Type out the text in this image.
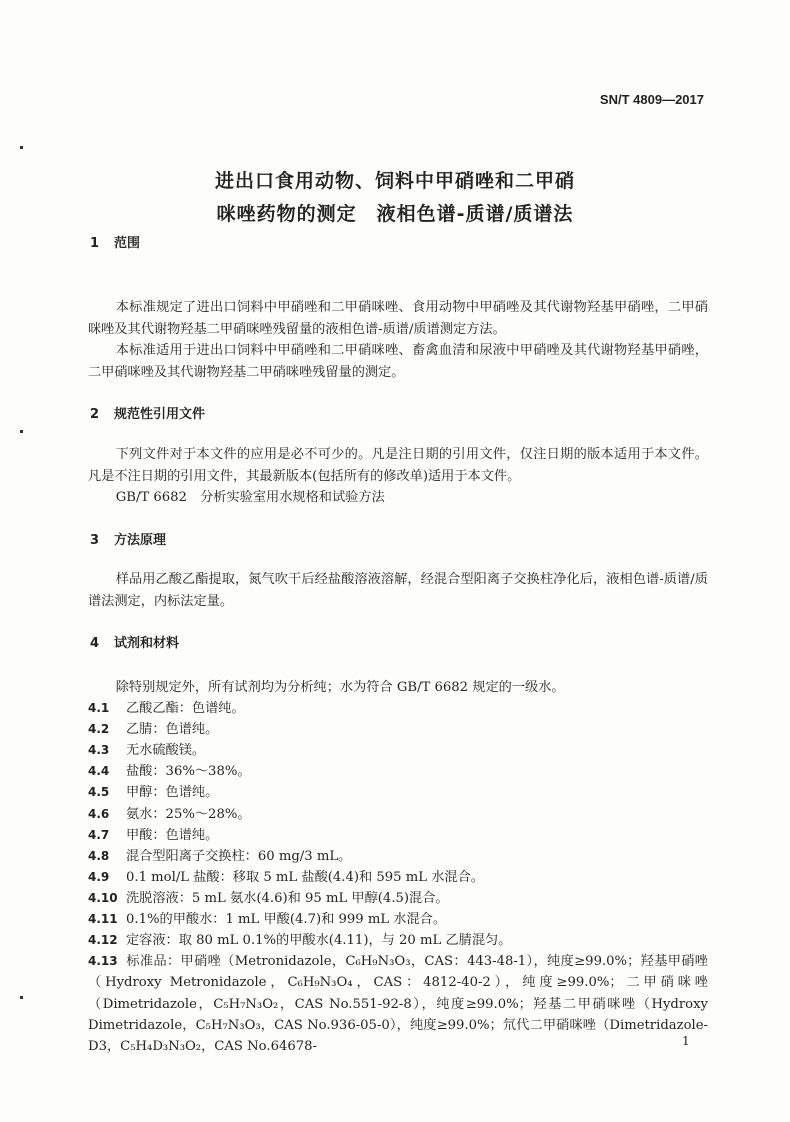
SN/T 4809—2017
进出口食用动物、饲料中甲硝唑和二甲硝
咪唑药物的测定　液相色谱-质谱/质谱法
1 范围
本标准规定了进出口饲料中甲硝唑和二甲硝咪唑、食用动物中甲硝唑及其代谢物羟基甲硝唑，二甲硝咪唑及其代谢物羟基二甲硝咪唑残留量的液相色谱-质谱/质谱测定方法。
本标准适用于进出口饲料中甲硝唑和二甲硝咪唑、畜禽血清和尿液中甲硝唑及其代谢物羟基甲硝唑，二甲硝咪唑及其代谢物羟基二甲硝咪唑残留量的测定。
2 规范性引用文件
下列文件对于本文件的应用是必不可少的。凡是注日期的引用文件，仅注日期的版本适用于本文件。凡是不注日期的引用文件，其最新版本(包括所有的修改单)适用于本文件。
GB/T 6682　分析实验室用水规格和试验方法
3 方法原理
样品用乙酸乙酯提取，氮气吹干后经盐酸溶液溶解，经混合型阳离子交换柱净化后，液相色谱-质谱/质谱法测定，内标法定量。
4 试剂和材料
除特别规定外，所有试剂均为分析纯；水为符合 GB/T 6682 规定的一级水。
4.1 乙酸乙酯：色谱纯。
4.2 乙腈：色谱纯。
4.3 无水硫酸镁。
4.4 盐酸：36%～38%。
4.5 甲醇：色谱纯。
4.6 氨水：25%～28%。
4.7 甲酸：色谱纯。
4.8 混合型阳离子交换柱：60 mg/3 mL。
4.9 0.1 mol/L 盐酸：移取 5 mL 盐酸(4.4)和 595 mL 水混合。
4.10 洗脱溶液：5 mL 氨水(4.6)和 95 mL 甲醇(4.5)混合。
4.11 0.1%的甲酸水：1 mL 甲酸(4.7)和 999 mL 水混合。
4.12 定容液：取 80 mL 0.1%的甲酸水(4.11)，与 20 mL 乙腈混匀。
4.13 标准品：甲硝唑（Metronidazole，C₆H₉N₃O₃，CAS：443-48-1），纯度≥99.0%；羟基甲硝唑（Hydroxy Metronidazole，C₆H₉N₃O₄，CAS：4812-40-2），纯度≥99.0%；二甲硝咪唑（Dimetridazole，C₅H₇N₃O₂，CAS No.551-92-8），纯度≥99.0%；羟基二甲硝咪唑（Hydroxy Dimetridazole，C₅H₇N₃O₃，CAS No.936-05-0），纯度≥99.0%；氘代二甲硝咪唑（Dimetridazole-D3，C₅H₄D₃N₃O₂，CAS No.64678-	1
